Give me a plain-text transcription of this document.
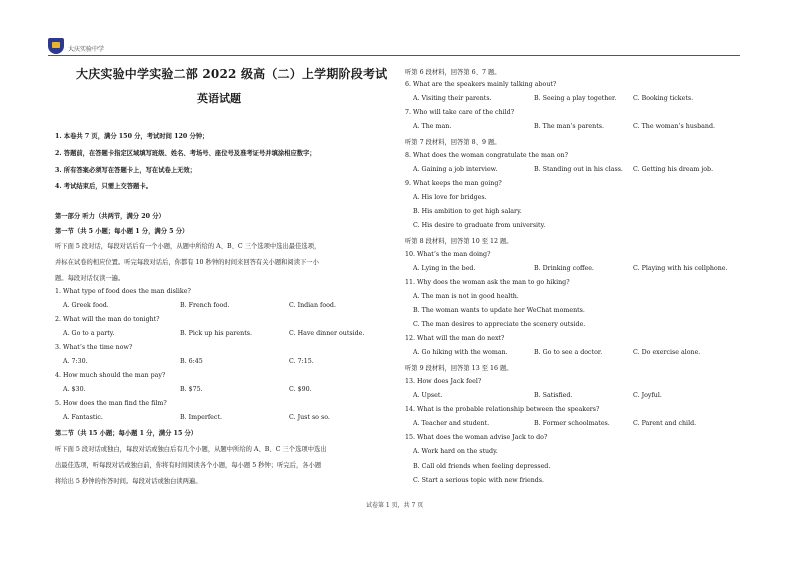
大庆实验中学
大庆实验中学实验二部 2022 级高（二）上学期阶段考试
英语试题
1. 本卷共 7 页，满分 150 分，考试时间 120 分钟；
2. 答题前，在答题卡指定区域填写班级、姓名、考场号、座位号及准考证号并填涂相应数字；
3. 所有答案必须写在答题卡上，写在试卷上无效；
4. 考试结束后，只需上交答题卡。
第一部分 听力（共两节，满分 20 分）
第一节（共 5 小题；每小题 1 分，满分 5 分）
听下面 5 段对话，每段对话后有一个小题，从题中所给的 A、B、C 三个选项中选出最佳选项，
并标在试卷的相应位置。听完每段对话后，你都有 10 秒钟的时间来回答有关小题和阅读下一小
题。每段对话仅读一遍。
1. What type of food does the man dislike?
A. Greek food.	B. French food.	C. Indian food.
2. What will the man do tonight?
A. Go to a party.	B. Pick up his parents.	C. Have dinner outside.
3. What’s the time now?
A. 7:30.	B. 6:45	C. 7:15.
4. How much should the man pay?
A. $30.	B. $75.	C. $90.
5. How does the man find the film?
A. Fantastic.	B. Imperfect.	C. Just so so.
第二节（共 15 小题；每小题 1 分，满分 15 分）
听下面 5 段对话或独白，每段对话或独白后有几个小题，从题中所给的 A、B、C 三个选项中选出
出最佳选项，听每段对话或独白前，你将有时间阅读各个小题，每小题 5 秒钟；听完后，各小题
将给出 5 秒钟的作答时间。每段对话或独白读两遍。
听第 6 段材料，回答第 6、7 题。
6. What are the speakers mainly talking about?
A. Visiting their parents.	B. Seeing a play together.	C. Booking tickets.
7. Who will take care of the child?
A. The man.	B. The man’s parents.	C. The woman’s husband.
听第 7 段材料，回答第 8、9 题。
8. What does the woman congratulate the man on?
A. Gaining a job interview.	B. Standing out in his class. C. Getting his dream job.
9. What keeps the man going?
A. His love for bridges.
B. His ambition to get high salary.
C. His desire to graduate from university.
听第 8 段材料，回答第 10 至 12 题。
10. What’s the man doing?
A. Lying in the bed.	B. Drinking coffee.	C. Playing with his cellphone.
11. Why does the woman ask the man to go hiking?
A. The man is not in good health.
B. The woman wants to update her WeChat moments.
C. The man desires to appreciate the scenery outside.
12. What will the man do next?
A. Go hiking with the woman.	B. Go to see a doctor.	C. Do exercise alone.
听第 9 段材料，回答第 13 至 16 题。
13. How does Jack feel?
A. Upset.	B. Satisfied.	C. Joyful.
14. What is the probable relationship between the speakers?
A. Teacher and student.	B. Former schoolmates.	C. Parent and child.
15. What does the woman advise Jack to do?
A. Work hard on the study.
B. Call old friends when feeling depressed.
C. Start a serious topic with new friends.
试卷第 1 页，共 7 页
